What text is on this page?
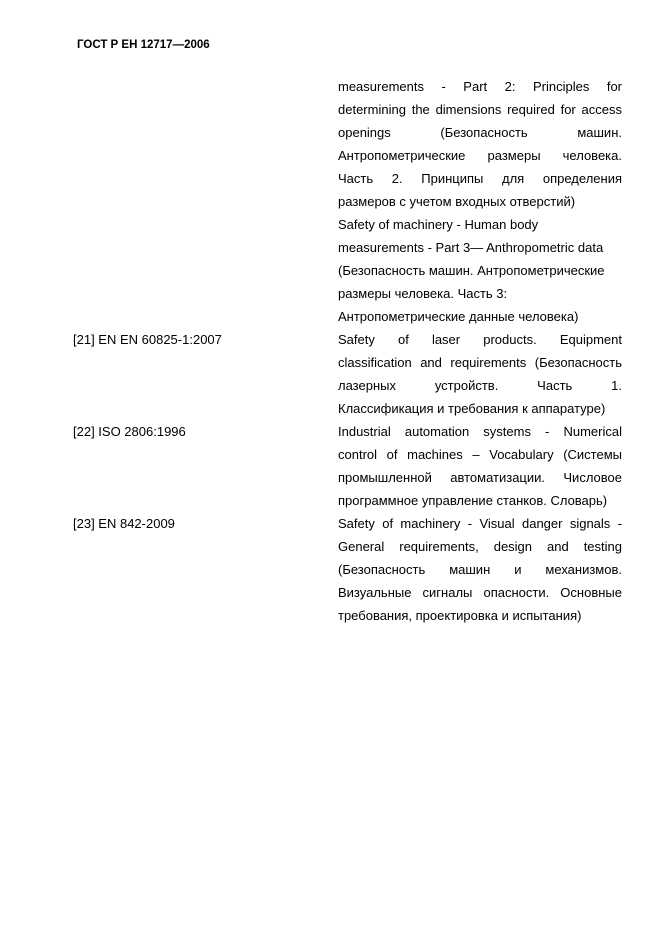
ГОСТ Р ЕН 12717—2006
measurements - Part 2: Principles for
determining the dimensions required for access
openings (Безопасность машин.
Антропометрические размеры человека.
Часть 2. Принципы для определения
размеров с учетом входных отверстий)
Safety of machinery - Human body
measurements - Part 3— Anthropometric data
(Безопасность машин. Антропометрические
размеры человека. Часть 3:
Антропометрические данные человека)
[21] EN EN 60825-1:2007	Safety of laser products. Equipment
classification and requirements (Безопасность
лазерных устройств. Часть 1.
Классификация и требования к аппаратуре)
[22] ISO 2806:1996	Industrial automation systems - Numerical
control of machines – Vocabulary (Системы
промышленной автоматизации. Числовое
программное управление станков. Словарь)
[23] EN 842-2009	Safety of machinery - Visual danger signals -
General requirements, design and testing
(Безопасность машин и механизмов.
Визуальные сигналы опасности. Основные
требования, проектировка и испытания)
